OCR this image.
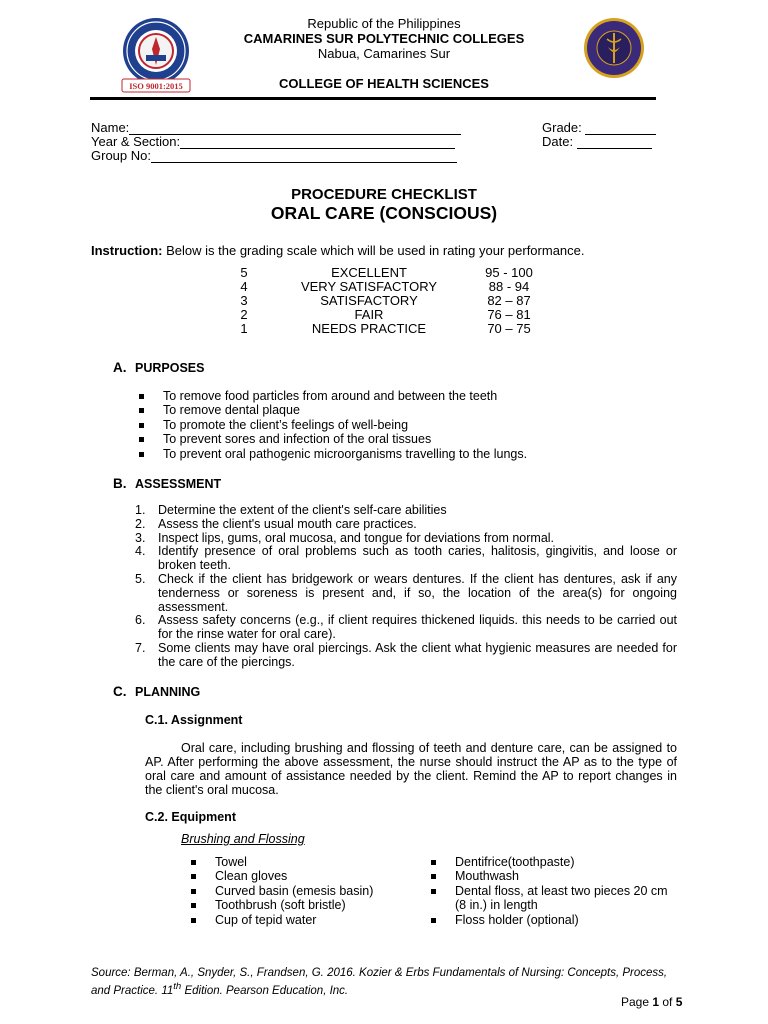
ISO 9001:2015
Republic of the Philippines
CAMARINES SUR POLYTECHNIC COLLEGES
Nabua, Camarines Sur
COLLEGE OF HEALTH SCIENCES
Name:
Year & Section:
Group No:
Grade:
Date:
PROCEDURE CHECKLIST
ORAL CARE (CONSCIOUS)
Instruction: Below is the grading scale which will be used in rating your performance.
5	EXCELLENT	95 - 100
4	VERY SATISFACTORY	88 - 94
3	SATISFACTORY	82 – 87
2	FAIR	76 – 81
1	NEEDS PRACTICE	70 – 75
A. PURPOSES
To remove food particles from around and between the teeth
To remove dental plaque
To promote the client’s feelings of well-being
To prevent sores and infection of the oral tissues
To prevent oral pathogenic microorganisms travelling to the lungs.
B. ASSESSMENT
1. Determine the extent of the client's self-care abilities
2. Assess the client's usual mouth care practices.
3. Inspect lips, gums, oral mucosa, and tongue for deviations from normal.
4. Identify presence of oral problems such as tooth caries, halitosis, gingivitis, and loose or broken teeth.
5. Check if the client has bridgework or wears dentures. If the client has dentures, ask if any tenderness or soreness is present and, if so, the location of the area(s) for ongoing assessment.
6. Assess safety concerns (e.g., if client requires thickened liquids. this needs to be carried out for the rinse water for oral care).
7. Some clients may have oral piercings. Ask the client what hygienic measures are needed for the care of the piercings.
C. PLANNING
C.1. Assignment
Oral care, including brushing and flossing of teeth and denture care, can be assigned to AP. After performing the above assessment, the nurse should instruct the AP as to the type of oral care and amount of assistance needed by the client. Remind the AP to report changes in the client's oral mucosa.
C.2. Equipment
Brushing and Flossing
Towel
Clean gloves
Curved basin (emesis basin)
Toothbrush (soft bristle)
Cup of tepid water
Dentifrice(toothpaste)
Mouthwash
Dental floss, at least two pieces 20 cm (8 in.) in length
Floss holder (optional)
Source: Berman, A., Snyder, S., Frandsen, G. 2016. Kozier & Erbs Fundamentals of Nursing: Concepts, Process, and Practice. 11th Edition. Pearson Education, Inc.
Page 1 of 5
